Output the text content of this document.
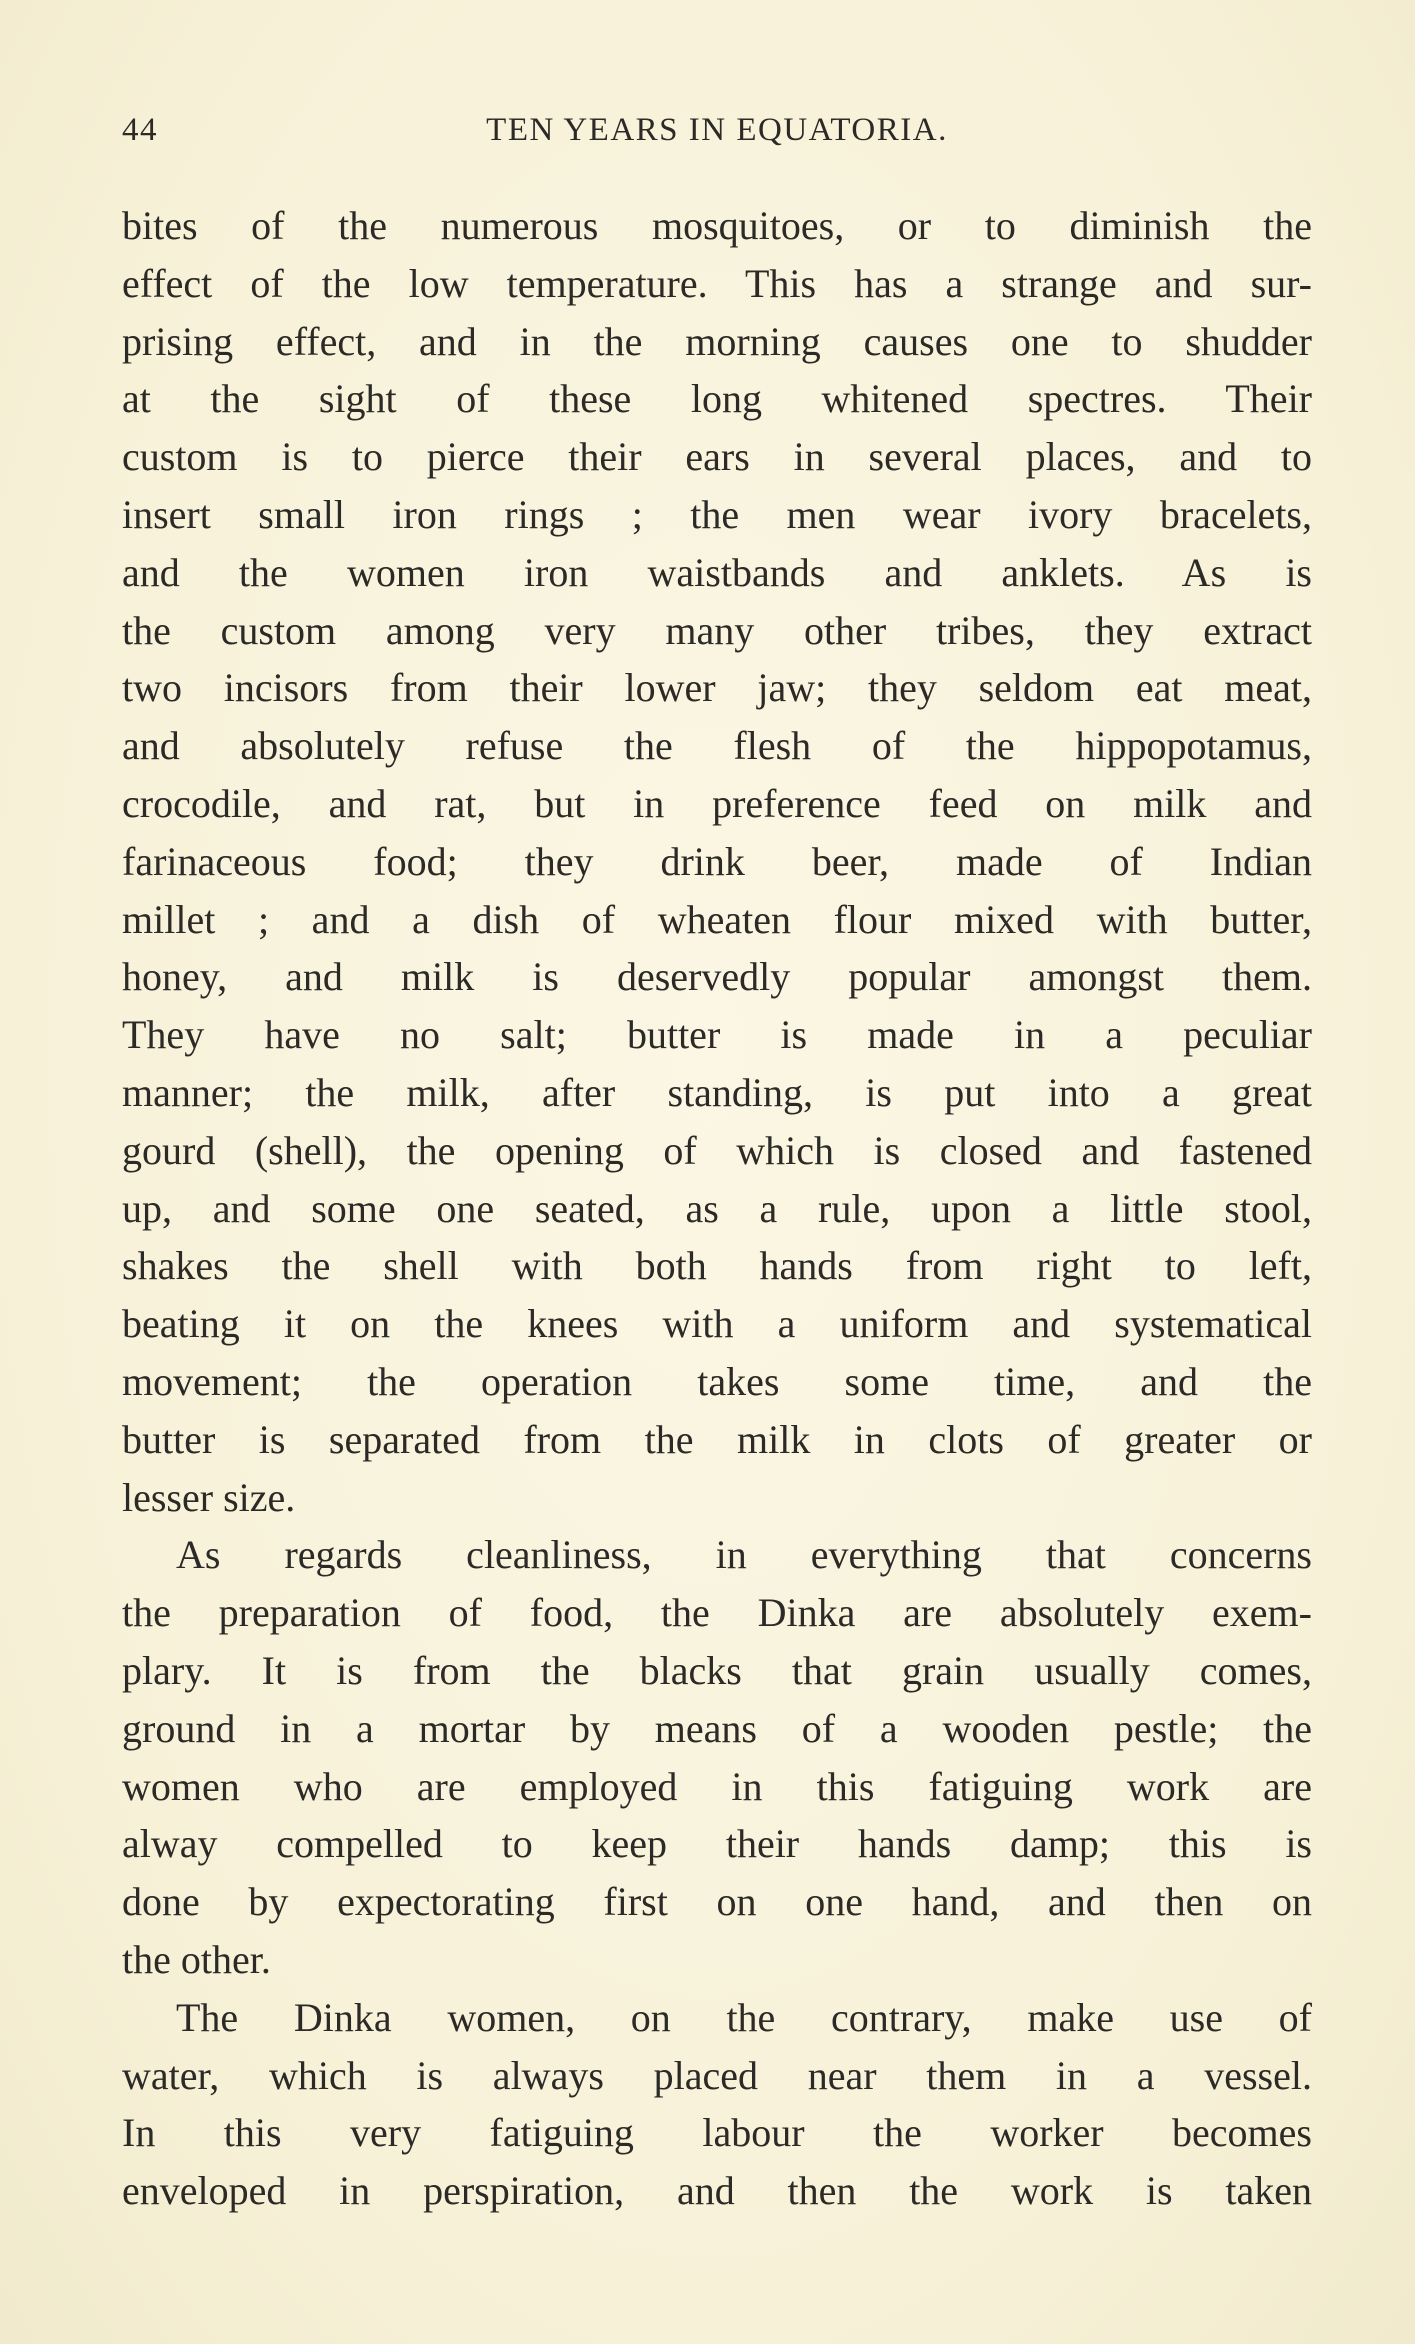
44	TEN YEARS IN EQUATORIA.
bites of the numerous mosquitoes, or to diminish the
effect of the low temperature. This has a strange and sur-
prising effect, and in the morning causes one to shudder
at the sight of these long whitened spectres. Their
custom is to pierce their ears in several places, and to
insert small iron rings ; the men wear ivory bracelets,
and the women iron waistbands and anklets. As is
the custom among very many other tribes, they extract
two incisors from their lower jaw; they seldom eat meat,
and absolutely refuse the flesh of the hippopotamus,
crocodile, and rat, but in preference feed on milk and
farinaceous food; they drink beer, made of Indian
millet ; and a dish of wheaten flour mixed with butter,
honey, and milk is deservedly popular amongst them.
They have no salt; butter is made in a peculiar
manner; the milk, after standing, is put into a great
gourd (shell), the opening of which is closed and fastened
up, and some one seated, as a rule, upon a little stool,
shakes the shell with both hands from right to left,
beating it on the knees with a uniform and systematical
movement; the operation takes some time, and the
butter is separated from the milk in clots of greater or
lesser size.
As regards cleanliness, in everything that concerns
the preparation of food, the Dinka are absolutely exem-
plary. It is from the blacks that grain usually comes,
ground in a mortar by means of a wooden pestle; the
women who are employed in this fatiguing work are
alway compelled to keep their hands damp; this is
done by expectorating first on one hand, and then on
the other.
The Dinka women, on the contrary, make use of
water, which is always placed near them in a vessel.
In this very fatiguing labour the worker becomes
enveloped in perspiration, and then the work is taken
